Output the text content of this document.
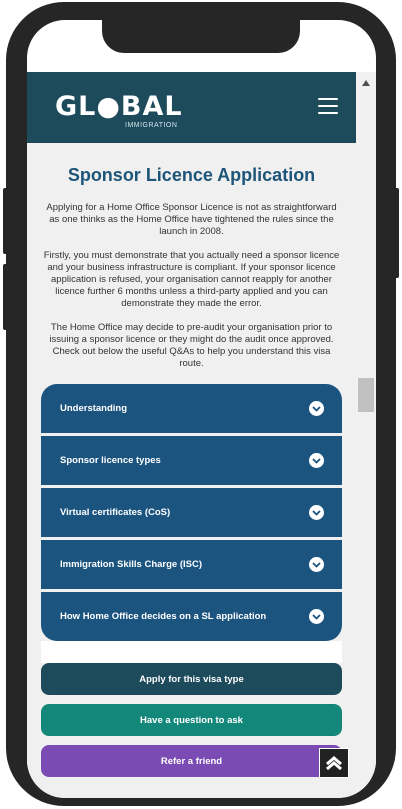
GL●BAL
IMMIGRATION
Sponsor Licence Application

Applying for a Home Office Sponsor Licence is not as straightforward as one thinks as the Home Office have tightened the rules since the launch in 2008.

Firstly, you must demonstrate that you actually need a sponsor licence and your business infrastructure is compliant. If your sponsor licence application is refused, your organisation cannot reapply for another licence further 6 months unless a third-party applied and you can demonstrate they made the error.

The Home Office may decide to pre-audit your organisation prior to issuing a sponsor licence or they might do the audit once approved. Check out below the useful Q&As to help you understand this visa route.

Understanding
Sponsor licence types
Virtual certificates (CoS)
Immigration Skills Charge (ISC)
How Home Office decides on a SL application
Apply for this visa type
Have a question to ask
Refer a friend
